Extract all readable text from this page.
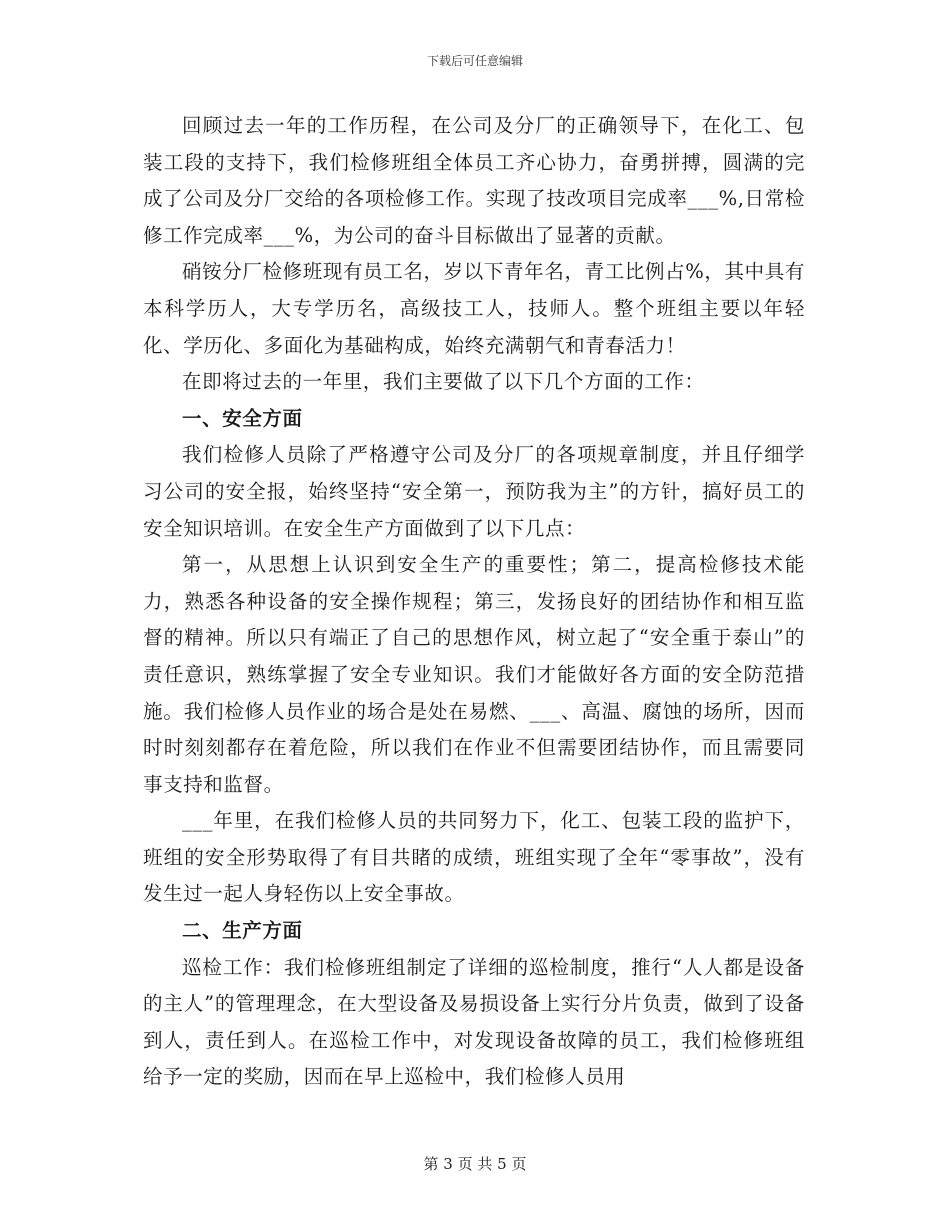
下载后可任意编辑

回顾过去一年的工作历程，在公司及分厂的正确领导下，在化工、包装工段的支持下，我们检修班组全体员工齐心协力，奋勇拼搏，圆满的完成了公司及分厂交给的各项检修工作。实现了技改项目完成率___%,日常检修工作完成率___%，为公司的奋斗目标做出了显著的贡献。

硝铵分厂检修班现有员工名，岁以下青年名，青工比例占%，其中具有本科学历人，大专学历名，高级技工人，技师人。整个班组主要以年轻化、学历化、多面化为基础构成，始终充满朝气和青春活力！

在即将过去的一年里，我们主要做了以下几个方面的工作：

一、安全方面

我们检修人员除了严格遵守公司及分厂的各项规章制度，并且仔细学习公司的安全报，始终坚持“安全第一，预防我为主”的方针，搞好员工的安全知识培训。在安全生产方面做到了以下几点：

第一，从思想上认识到安全生产的重要性；第二，提高检修技术能力，熟悉各种设备的安全操作规程；第三，发扬良好的团结协作和相互监督的精神。所以只有端正了自己的思想作风，树立起了“安全重于泰山”的责任意识，熟练掌握了安全专业知识。我们才能做好各方面的安全防范措施。我们检修人员作业的场合是处在易燃、___、高温、腐蚀的场所，因而时时刻刻都存在着危险，所以我们在作业不但需要团结协作，而且需要同事支持和监督。

___年里，在我们检修人员的共同努力下，化工、包装工段的监护下，班组的安全形势取得了有目共睹的成绩，班组实现了全年“零事故”，没有发生过一起人身轻伤以上安全事故。

二、生产方面

巡检工作：我们检修班组制定了详细的巡检制度，推行“人人都是设备的主人”的管理理念，在大型设备及易损设备上实行分片负责，做到了设备到人，责任到人。在巡检工作中，对发现设备故障的员工，我们检修班组给予一定的奖励，因而在早上巡检中，我们检修人员用

第 3 页 共 5 页
